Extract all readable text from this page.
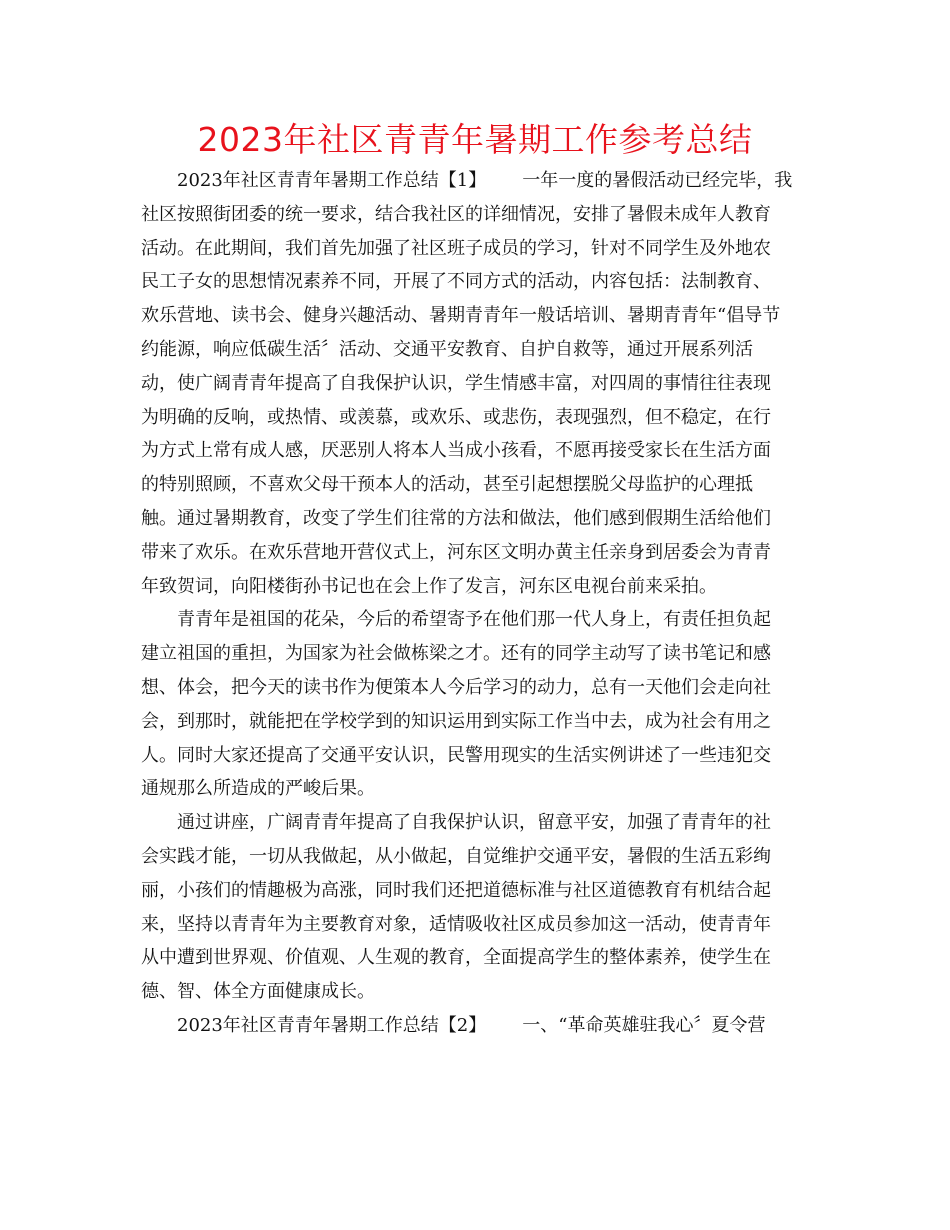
2023年社区青青年暑期工作参考总结
2023年社区青青年暑期工作总结【1】 一年一度的暑假活动已经完毕，我
社区按照街团委的统一要求，结合我社区的详细情况，安排了暑假未成年人教育
活动。在此期间，我们首先加强了社区班子成员的学习，针对不同学生及外地农
民工子女的思想情况素养不同，开展了不同方式的活动，内容包括：法制教育、
欢乐营地、读书会、健身兴趣活动、暑期青青年一般话培训、暑期青青年“倡导节
约能源，响应低碳生活〞活动、交通平安教育、自护自救等，通过开展系列活
动，使广阔青青年提高了自我保护认识，学生情感丰富，对四周的事情往往表现
为明确的反响，或热情、或羡慕，或欢乐、或悲伤，表现强烈，但不稳定，在行
为方式上常有成人感，厌恶别人将本人当成小孩看，不愿再接受家长在生活方面
的特别照顾，不喜欢父母干预本人的活动，甚至引起想摆脱父母监护的心理抵
触。通过暑期教育，改变了学生们往常的方法和做法，他们感到假期生活给他们
带来了欢乐。在欢乐营地开营仪式上，河东区文明办黄主任亲身到居委会为青青
年致贺词，向阳楼街孙书记也在会上作了发言，河东区电视台前来采拍。
青青年是祖国的花朵，今后的希望寄予在他们那一代人身上，有责任担负起
建立祖国的重担，为国家为社会做栋梁之才。还有的同学主动写了读书笔记和感
想、体会，把今天的读书作为便策本人今后学习的动力，总有一天他们会走向社
会，到那时，就能把在学校学到的知识运用到实际工作当中去，成为社会有用之
人。同时大家还提高了交通平安认识，民警用现实的生活实例讲述了一些违犯交
通规那么所造成的严峻后果。
通过讲座，广阔青青年提高了自我保护认识，留意平安，加强了青青年的社
会实践才能，一切从我做起，从小做起，自觉维护交通平安，暑假的生活五彩绚
丽，小孩们的情趣极为高涨，同时我们还把道德标准与社区道德教育有机结合起
来，坚持以青青年为主要教育对象，适情吸收社区成员参加这一活动，使青青年
从中遭到世界观、价值观、人生观的教育，全面提高学生的整体素养，使学生在
德、智、体全方面健康成长。
2023年社区青青年暑期工作总结【2】 一、“革命英雄驻我心〞夏令营
